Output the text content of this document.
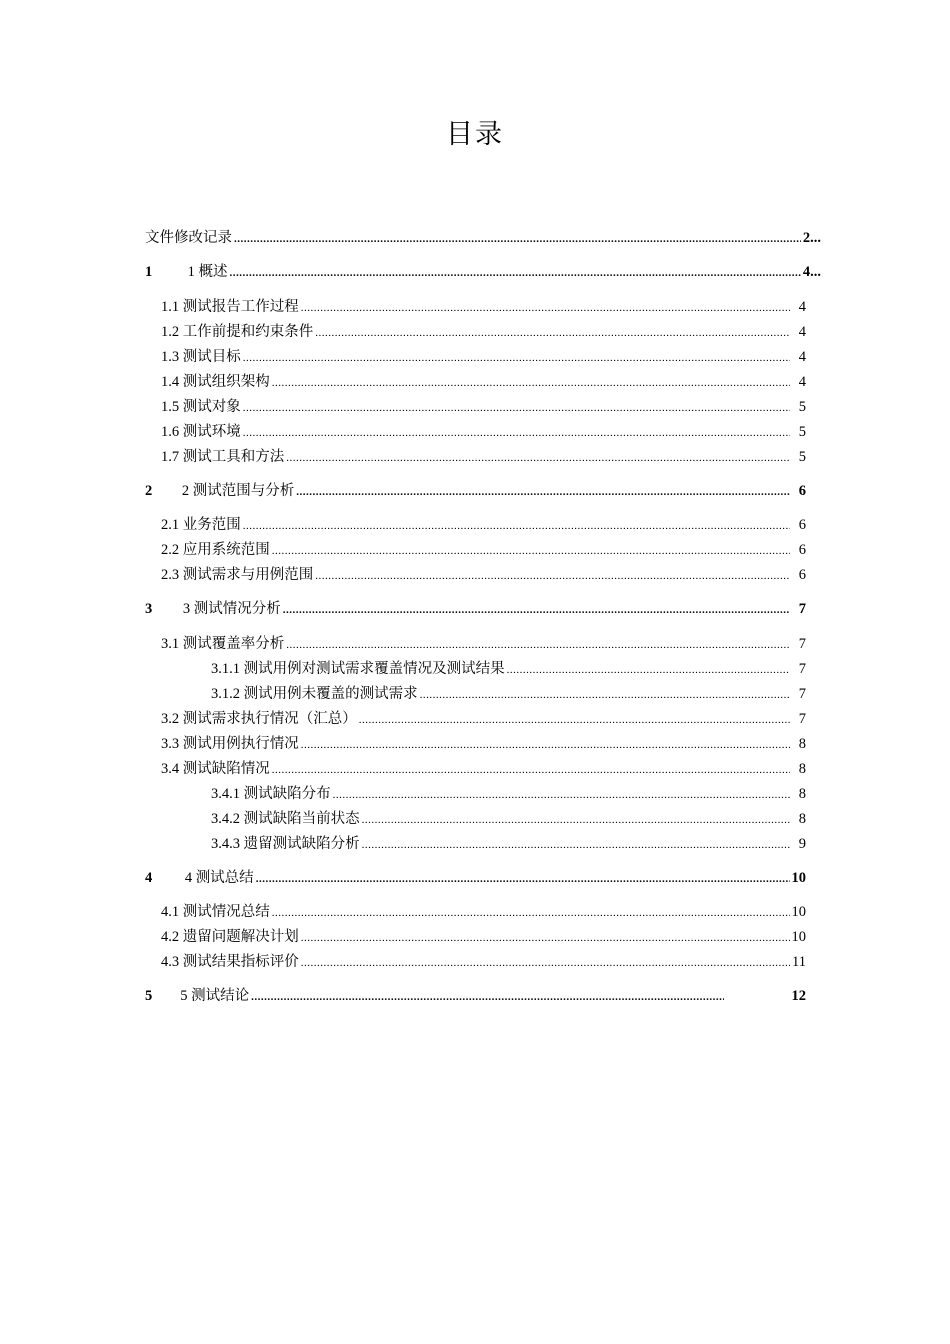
目录
文件修改记录 .....	2...
1	1 概述 .....	4...
1.1 测试报告工作过程 .....	4
1.2 工作前提和约束条件 .....	4
1.3 测试目标 .....	4
1.4 测试组织架构 .....	4
1.5 测试对象 .....	5
1.6 测试环境 .....	5
1.7 测试工具和方法 .....	5
2	2 测试范围与分析 .....	6
2.1 业务范围 .....	6
2.2 应用系统范围 .....	6
2.3 测试需求与用例范围 .....	6
3	3 测试情况分析 .....	7
3.1 测试覆盖率分析 .....	7
3.1.1 测试用例对测试需求覆盖情况及测试结果 .....	7
3.1.2 测试用例未覆盖的测试需求 .....	7
3.2 测试需求执行情况（汇总） .....	7
3.3 测试用例执行情况 .....	8
3.4 测试缺陷情况 .....	8
3.4.1 测试缺陷分布 .....	8
3.4.2 测试缺陷当前状态 .....	8
3.4.3 遗留测试缺陷分析 .....	9
4	4 测试总结 .....	10
4.1 测试情况总结 .....	10
4.2 遗留问题解决计划 .....	10
4.3 测试结果指标评价 .....	11
5	5 测试结论 .....	12
